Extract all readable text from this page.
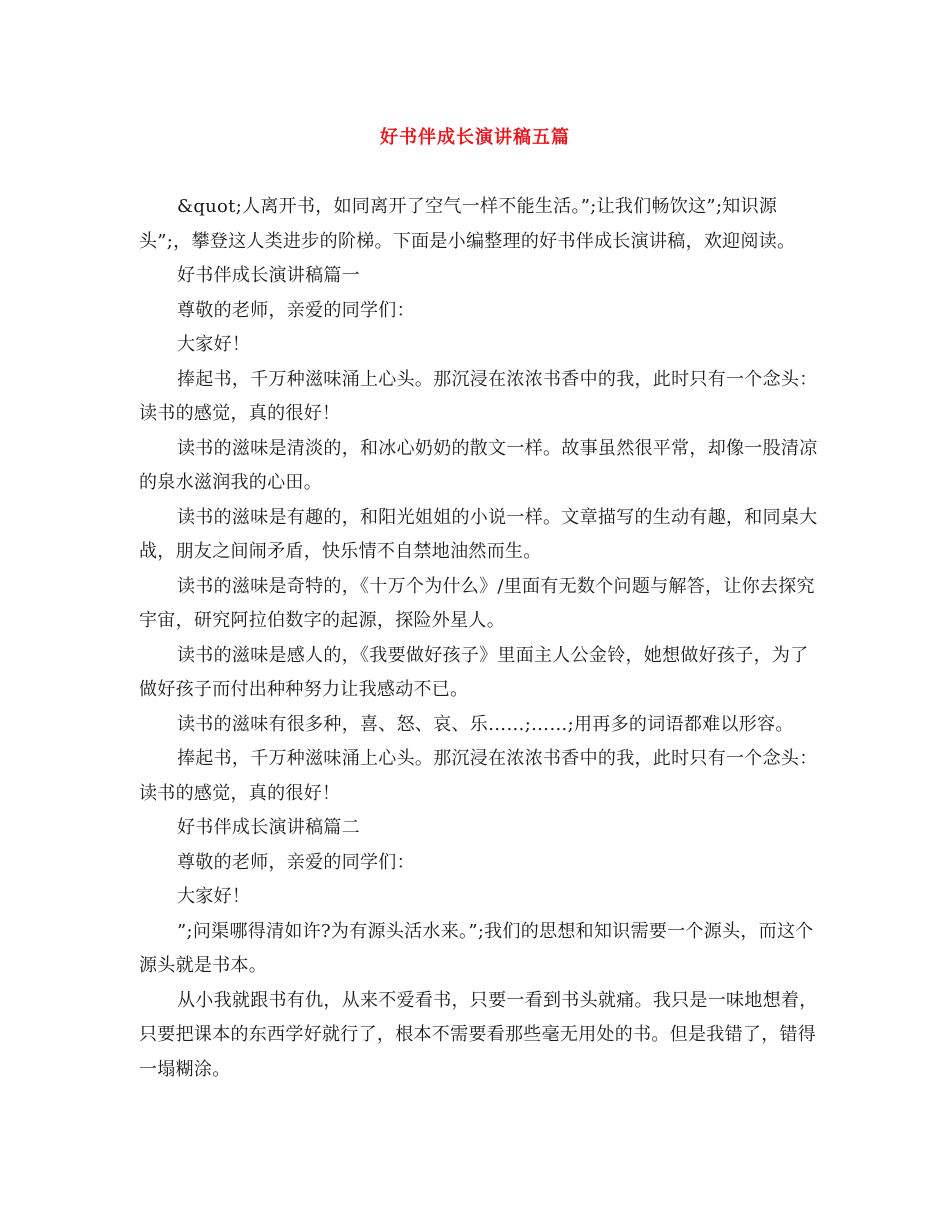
好书伴成长演讲稿五篇

&quot;人离开书，如同离开了空气一样不能生活。”;让我们畅饮这”;知识源头”;，攀登这人类进步的阶梯。下面是小编整理的好书伴成长演讲稿，欢迎阅读。

好书伴成长演讲稿篇一

尊敬的老师，亲爱的同学们：

大家好！

捧起书，千万种滋味涌上心头。那沉浸在浓浓书香中的我，此时只有一个念头：读书的感觉，真的很好！

读书的滋味是清淡的，和冰心奶奶的散文一样。故事虽然很平常，却像一股清凉的泉水滋润我的心田。

读书的滋味是有趣的，和阳光姐姐的小说一样。文章描写的生动有趣，和同桌大战，朋友之间闹矛盾，快乐情不自禁地油然而生。

读书的滋味是奇特的，《十万个为什么》/里面有无数个问题与解答，让你去探究宇宙，研究阿拉伯数字的起源，探险外星人。

读书的滋味是感人的，《我要做好孩子》里面主人公金铃，她想做好孩子，为了做好孩子而付出种种努力让我感动不已。

读书的滋味有很多种，喜、怒、哀、乐……;……;用再多的词语都难以形容。

捧起书，千万种滋味涌上心头。那沉浸在浓浓书香中的我，此时只有一个念头：读书的感觉，真的很好！

好书伴成长演讲稿篇二

尊敬的老师，亲爱的同学们：

大家好！

”;问渠哪得清如许?为有源头活水来。”;我们的思想和知识需要一个源头，而这个源头就是书本。

从小我就跟书有仇，从来不爱看书，只要一看到书头就痛。我只是一味地想着，只要把课本的东西学好就行了，根本不需要看那些毫无用处的书。但是我错了，错得一塌糊涂。
